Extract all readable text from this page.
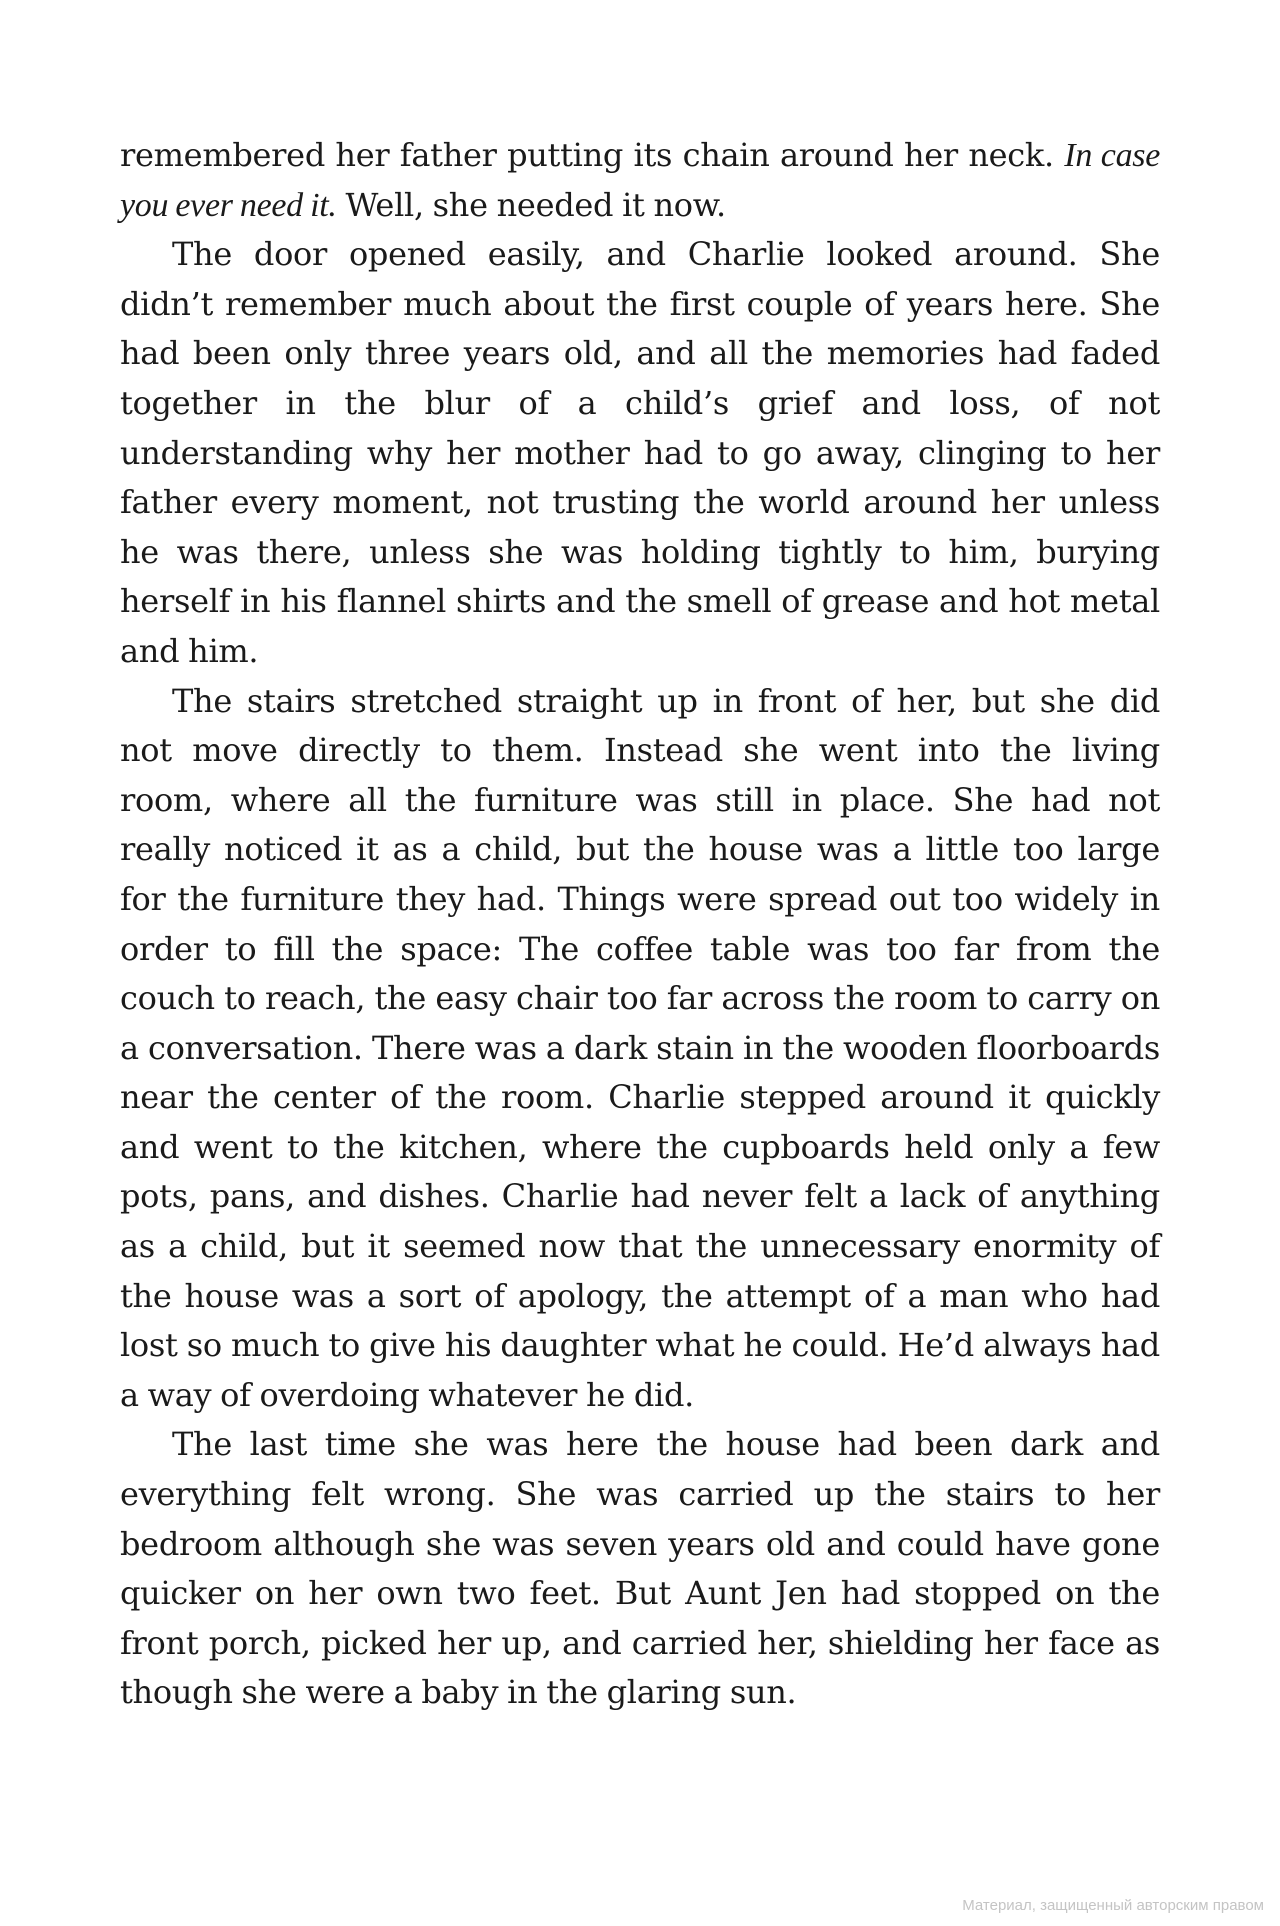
remembered her father putting its chain around her neck. In case
you ever need it. Well, she needed it now.
The door opened easily, and Charlie looked around. She
didn’t remember much about the first couple of years here. She
had been only three years old, and all the memories had faded
together in the blur of a child’s grief and loss, of not
understanding why her mother had to go away, clinging to her
father every moment, not trusting the world around her unless
he was there, unless she was holding tightly to him, burying
herself in his flannel shirts and the smell of grease and hot metal
and him.
The stairs stretched straight up in front of her, but she did
not move directly to them. Instead she went into the living
room, where all the furniture was still in place. She had not
really noticed it as a child, but the house was a little too large
for the furniture they had. Things were spread out too widely in
order to fill the space: The coffee table was too far from the
couch to reach, the easy chair too far across the room to carry on
a conversation. There was a dark stain in the wooden floorboards
near the center of the room. Charlie stepped around it quickly
and went to the kitchen, where the cupboards held only a few
pots, pans, and dishes. Charlie had never felt a lack of anything
as a child, but it seemed now that the unnecessary enormity of
the house was a sort of apology, the attempt of a man who had
lost so much to give his daughter what he could. He’d always had
a way of overdoing whatever he did.
The last time she was here the house had been dark and
everything felt wrong. She was carried up the stairs to her
bedroom although she was seven years old and could have gone
quicker on her own two feet. But Aunt Jen had stopped on the
front porch, picked her up, and carried her, shielding her face as
though she were a baby in the glaring sun.
Материал, защищенный авторским правом
